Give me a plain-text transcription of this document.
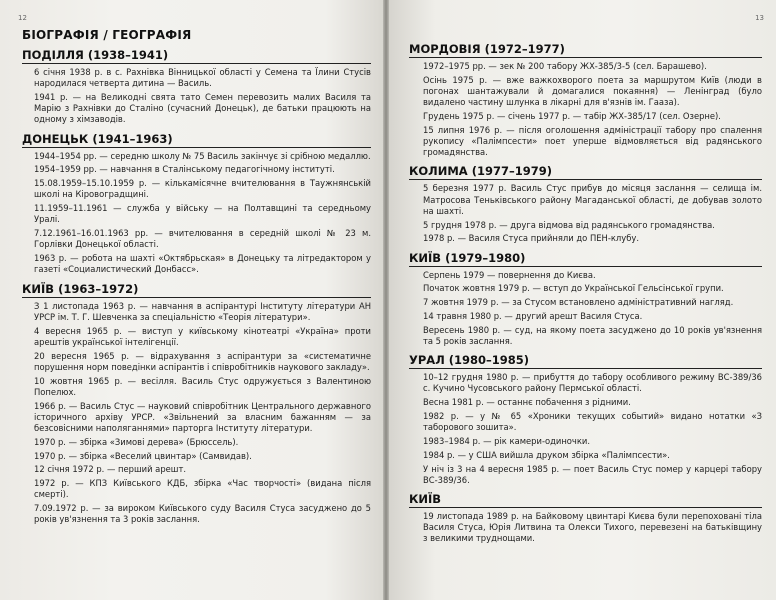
12
БІОГРАФІЯ / ГЕОГРАФІЯ
ПОДІЛЛЯ (1938–1941)
6 січня 1938 р. в с. Рахнівка Вінницької області у Семена та Їлини Стусів народилася четверта дитина — Василь.
1941 р. — на Великодні свята тато Семен перевозить малих Василя та Марію з Рахнівки до Сталіно (сучасний Донецьк), де батьки працюють на одному з хімзаводів.
ДОНЕЦЬК (1941–1963)
1944–1954 рр. — середню школу № 75 Василь закінчує зі срібною медаллю.
1954–1959 рр. — навчання в Сталінському педагогічному інституті.
15.08.1959–15.10.1959 р. — кількамісячне вчителювання в Таужнянській школі на Кіровоградщині.
11.1959–11.1961 — служба у війську — на Полтавщині та середньому Уралі.
7.12.1961–16.01.1963 рр. — вчителювання в середній школі № 23 м. Горлівки Донецької області.
1963 р. — робота на шахті «Октябрьская» в Донецьку та літредактором у газеті «Социалистический Донбасс».
КИЇВ (1963–1972)
З 1 листопада 1963 р. — навчання в аспірантурі Інституту літератури АН УРСР ім. Т. Г. Шевченка за спеціальністю «Теорія літератури».
4 вересня 1965 р. — виступ у київському кінотеатрі «Україна» проти арештів української інтелігенції.
20 вересня 1965 р. — відрахування з аспірантури за «систематичне порушення норм поведінки аспірантів і співробітників наукового закладу».
10 жовтня 1965 р. — весілля. Василь Стус одружується з Валентиною Попелюх.
1966 р. — Василь Стус — науковий співробітник Центрального державного історичного архіву УРСР. «Звільнений за власним бажанням — за безсовісними наполяганнями» парторга Інституту літератури.
1970 р. — збірка «Зимові дерева» (Брюссель).
1970 р. — збірка «Веселий цвинтар» (Самвидав).
12 січня 1972 р. — перший арешт.
1972 р. — КПЗ Київського КДБ, збірка «Час творчості» (видана після смерті).
7.09.1972 р. — за вироком Київського суду Василя Стуса засуджено до 5 років ув'язнення та 3 років заслання.
13
МОРДОВІЯ (1972–1977)
1972–1975 рр. — зек № 200 табору ЖХ-385/3-5 (сел. Барашево).
Осінь 1975 р. — вже важкохворого поета за маршрутом Київ (люди в погонах шантажували й домагалися покаяння) — Ленінград (було видалено частину шлунка в лікарні для в'язнів ім. Гааза).
Грудень 1975 р. — січень 1977 р. — табір ЖХ-385/17 (сел. Озерне).
15 липня 1976 р. — після оголошення адміністрації табору про спалення рукопису «Палімпсести» поет уперше відмовляється від радянського громадянства.
КОЛИМА (1977–1979)
5 березня 1977 р. Василь Стус прибув до місяця заслання — селища ім. Матросова Теньківського району Магаданської області, де добував золото на шахті.
5 грудня 1978 р. — друга відмова від радянського громадянства.
1978 р. — Василя Стуса прийняли до ПЕН-клубу.
КИЇВ (1979–1980)
Серпень 1979 — повернення до Києва.
Початок жовтня 1979 р. — вступ до Української Гельсінської групи.
7 жовтня 1979 р. — за Стусом встановлено адміністративний нагляд.
14 травня 1980 р. — другий арешт Василя Стуса.
Вересень 1980 р. — суд, на якому поета засуджено до 10 років ув'язнення та 5 років заслання.
УРАЛ (1980–1985)
10–12 грудня 1980 р. — прибуття до табору особливого режиму ВС-389/36 с. Кучино Чусовського району Пермської області.
Весна 1981 р. — останнє побачення з рідними.
1982 р. — у № 65 «Хроники текущих событий» видано нотатки «З таборового зошита».
1983–1984 р. — рік камери-одиночки.
1984 р. — у США вийшла друком збірка «Палімпсести».
У ніч із 3 на 4 вересня 1985 р. — поет Василь Стус помер у карцері табору ВС-389/36.
КИЇВ
19 листопада 1989 р. на Байковому цвинтарі Києва були перепоховані тіла Василя Стуса, Юрія Литвина та Олекси Тихого, перевезені на батьківщину з великими труднощами.
